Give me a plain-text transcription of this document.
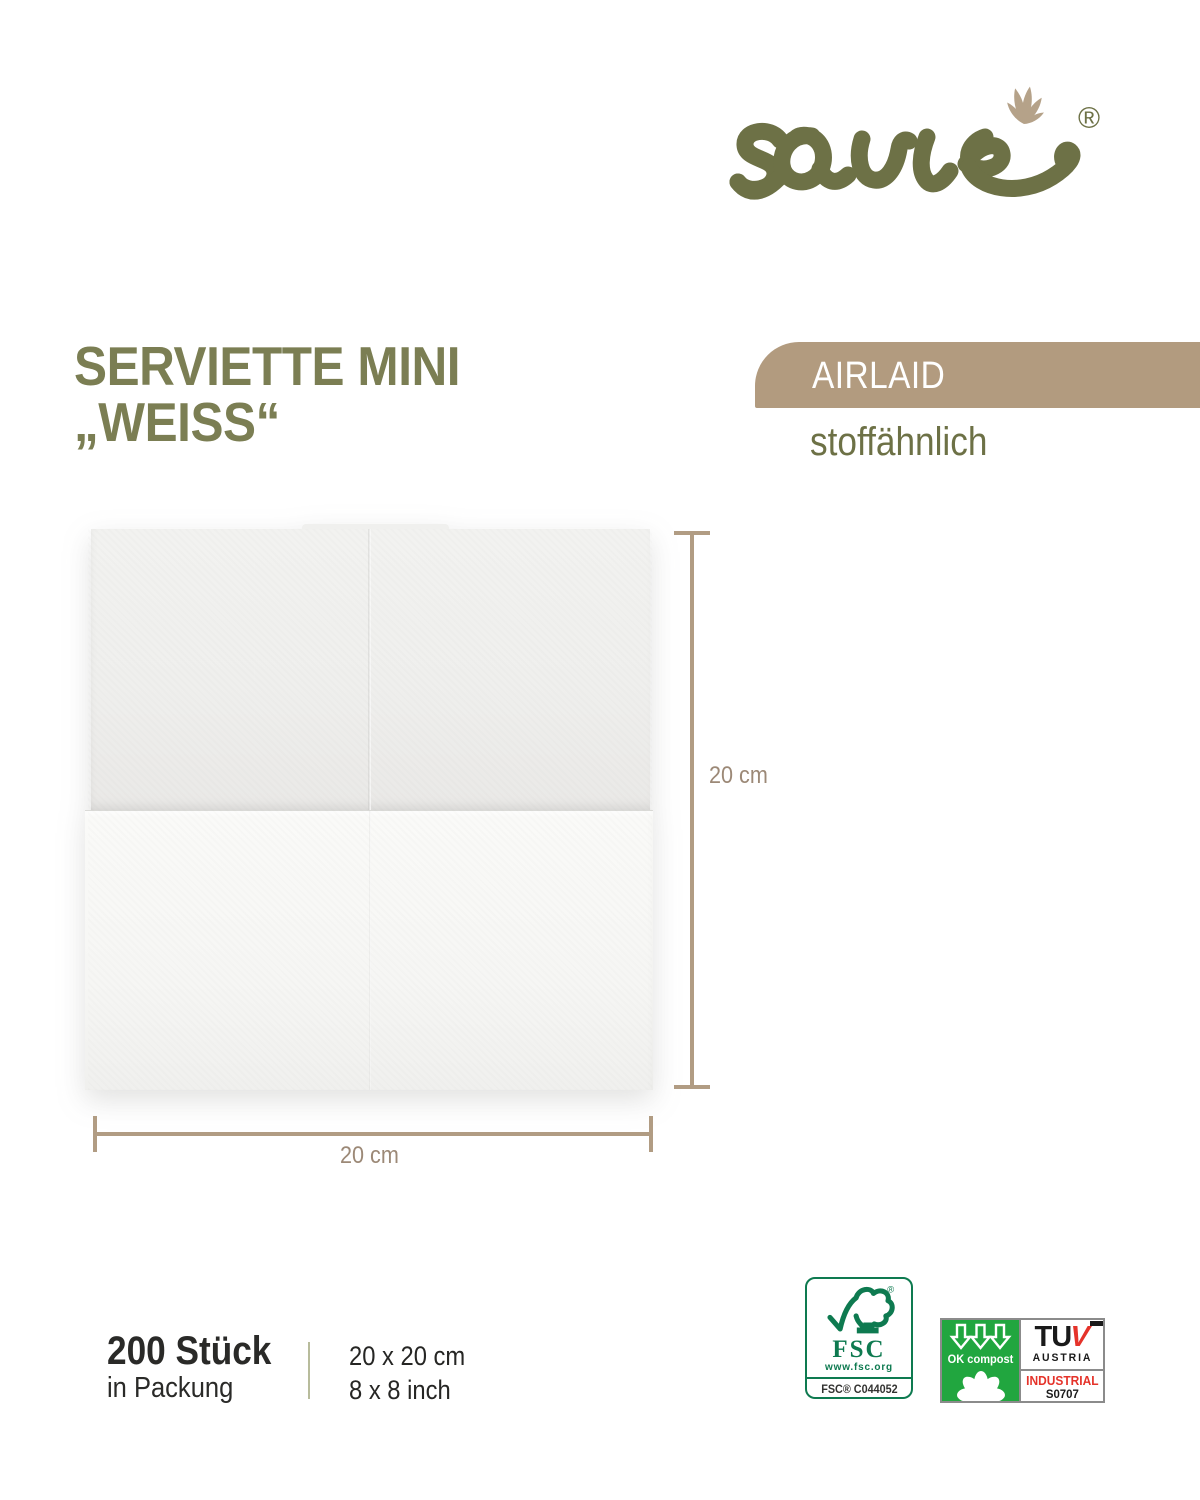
®
SERVIETTE MINI
„WEISS“
AIRLAID
stoffähnlich
20 cm
20 cm
200 Stück
in Packung
20 x 20 cm
8 x 8 inch
®
FSC
www.fsc.org
FSC® C044052
OK compost
TU
V
AUSTRIA
INDUSTRIAL
S0707
